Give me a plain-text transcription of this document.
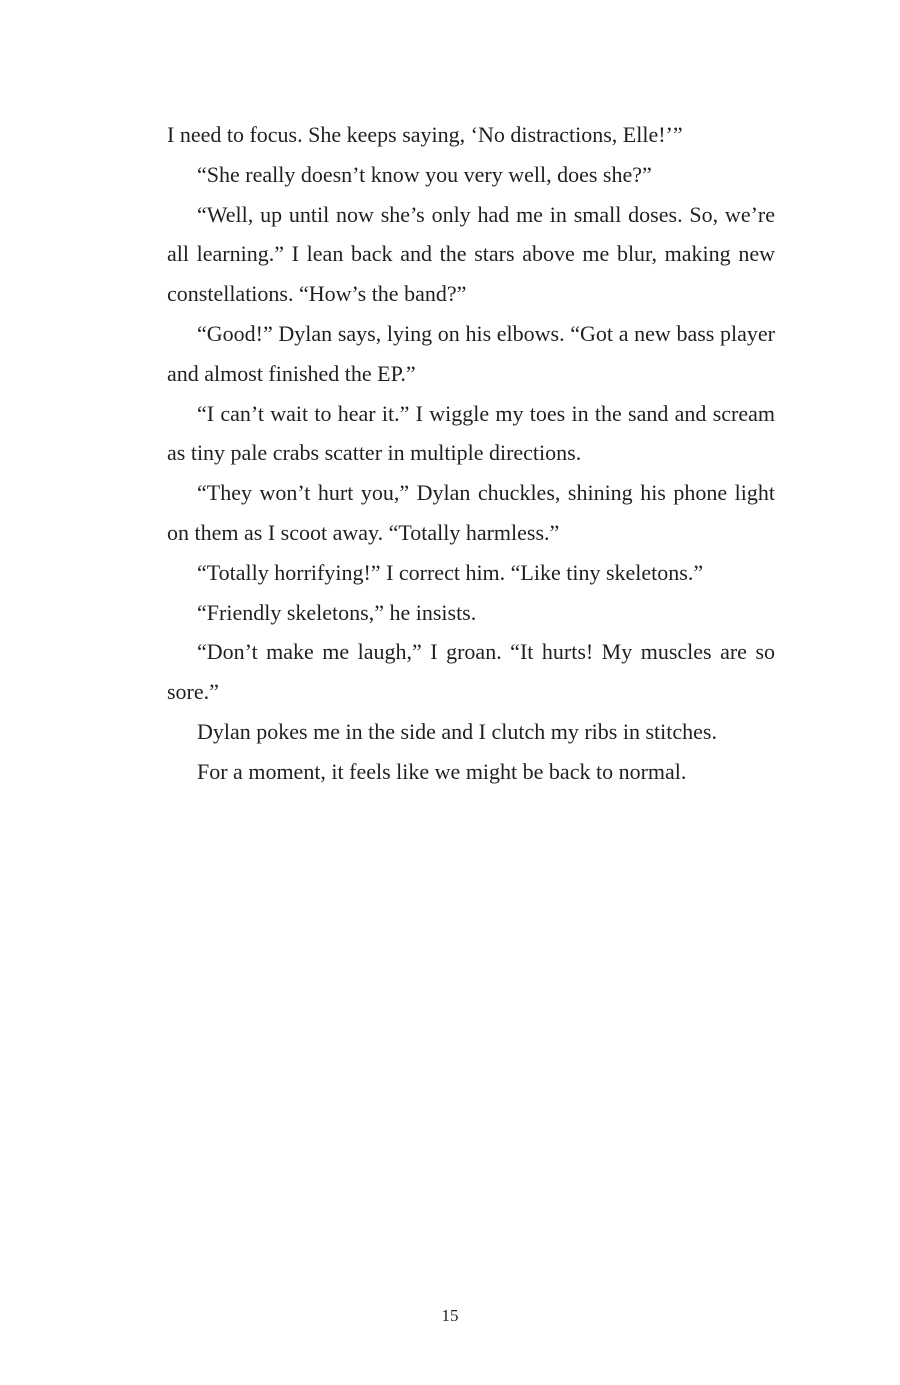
I need to focus. She keeps saying, ‘No distractions, Elle!’”

“She really doesn’t know you very well, does she?”

“Well, up until now she’s only had me in small doses. So, we’re all learning.” I lean back and the stars above me blur, making new constellations. “How’s the band?”

“Good!” Dylan says, lying on his elbows. “Got a new bass player and almost finished the EP.”

“I can’t wait to hear it.” I wiggle my toes in the sand and scream as tiny pale crabs scatter in multiple directions.

“They won’t hurt you,” Dylan chuckles, shining his phone light on them as I scoot away. “Totally harmless.”

“Totally horrifying!” I correct him. “Like tiny skeletons.”

“Friendly skeletons,” he insists.

“Don’t make me laugh,” I groan. “It hurts! My muscles are so sore.”

Dylan pokes me in the side and I clutch my ribs in stitches.

For a moment, it feels like we might be back to normal.

15
